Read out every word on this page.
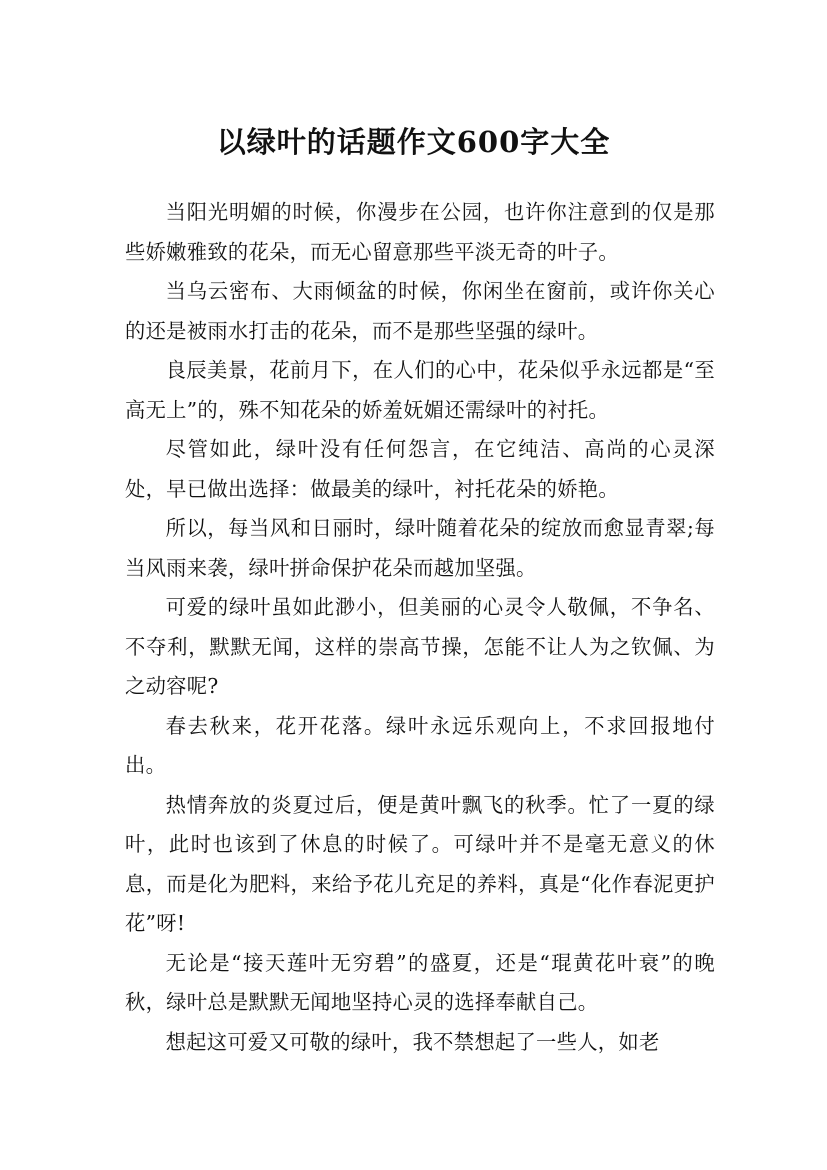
以绿叶的话题作文600字大全

当阳光明媚的时候，你漫步在公园，也许你注意到的仅是那些娇嫩雅致的花朵，而无心留意那些平淡无奇的叶子。

当乌云密布、大雨倾盆的时候，你闲坐在窗前，或许你关心的还是被雨水打击的花朵，而不是那些坚强的绿叶。

良辰美景，花前月下，在人们的心中，花朵似乎永远都是“至高无上”的，殊不知花朵的娇羞妩媚还需绿叶的衬托。

尽管如此，绿叶没有任何怨言，在它纯洁、高尚的心灵深处，早已做出选择：做最美的绿叶，衬托花朵的娇艳。

所以，每当风和日丽时，绿叶随着花朵的绽放而愈显青翠;每当风雨来袭，绿叶拼命保护花朵而越加坚强。

可爱的绿叶虽如此渺小，但美丽的心灵令人敬佩，不争名、不夺利，默默无闻，这样的崇高节操，怎能不让人为之钦佩、为之动容呢?

春去秋来，花开花落。绿叶永远乐观向上，不求回报地付出。

热情奔放的炎夏过后，便是黄叶飘飞的秋季。忙了一夏的绿叶，此时也该到了休息的时候了。可绿叶并不是毫无意义的休息，而是化为肥料，来给予花儿充足的养料，真是“化作春泥更护花”呀!

无论是“接天莲叶无穷碧”的盛夏，还是“琨黄花叶衰”的晚秋，绿叶总是默默无闻地坚持心灵的选择奉献自己。

想起这可爱又可敬的绿叶，我不禁想起了一些人，如老
